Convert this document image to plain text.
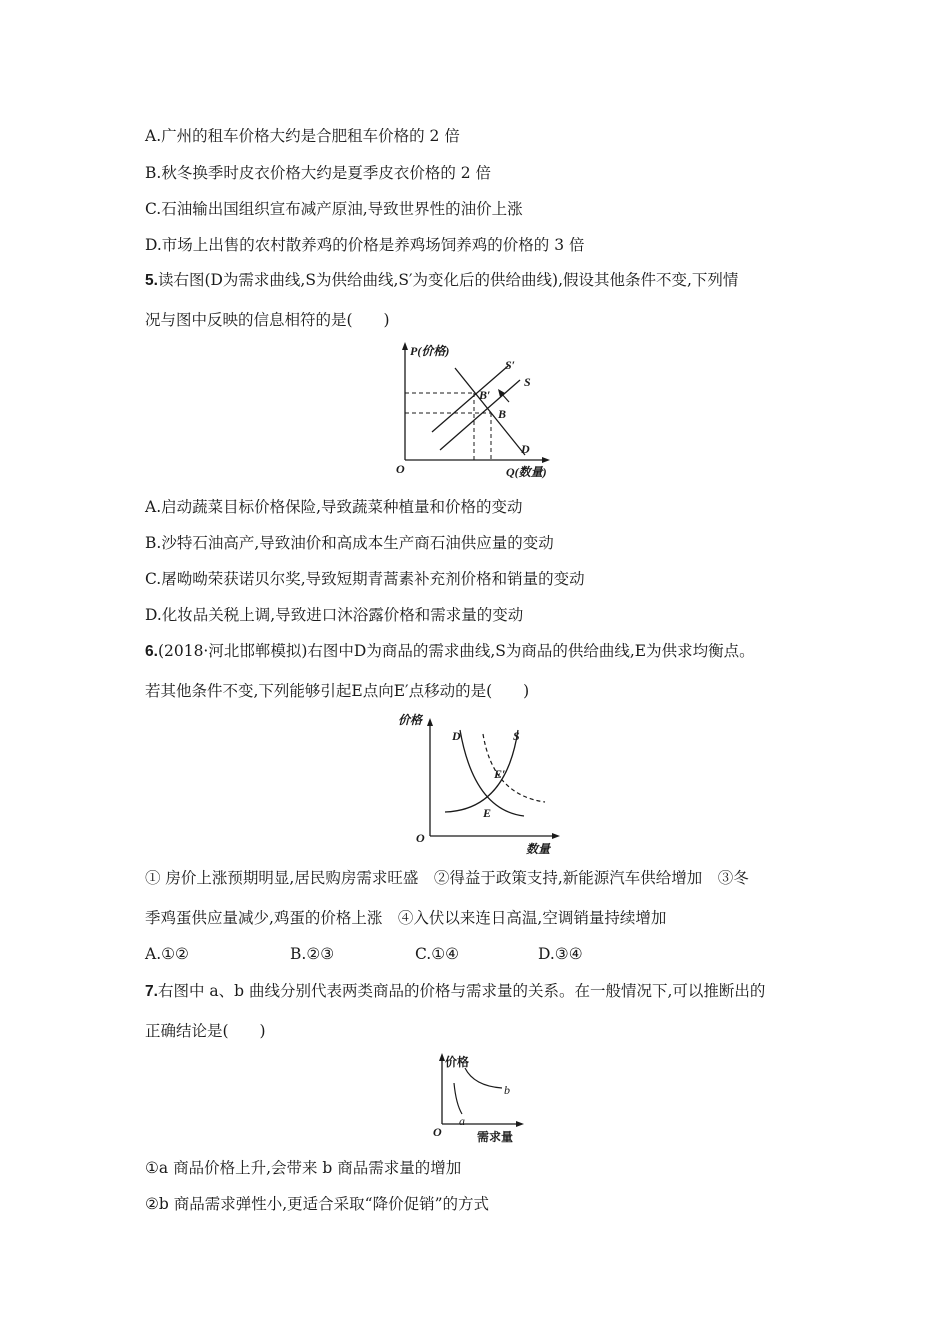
A.广州的租车价格大约是合肥租车价格的 2 倍
B.秋冬换季时皮衣价格大约是夏季皮衣价格的 2 倍
C.石油输出国组织宣布减产原油,导致世界性的油价上涨
D.市场上出售的农村散养鸡的价格是养鸡场饲养鸡的价格的 3 倍
5.读右图(D为需求曲线,S为供给曲线,S′为变化后的供给曲线),假设其他条件不变,下列情
况与图中反映的信息相符的是(　　)
P(价格)
Q(数量)
O
S′
S
D
B′
B
A.启动蔬菜目标价格保险,导致蔬菜种植量和价格的变动
B.沙特石油高产,导致油价和高成本生产商石油供应量的变动
C.屠呦呦荣获诺贝尔奖,导致短期青蒿素补充剂价格和销量的变动
D.化妆品关税上调,导致进口沐浴露价格和需求量的变动
6.(2018·河北邯郸模拟)右图中D为商品的需求曲线,S为商品的供给曲线,E为供求均衡点。
若其他条件不变,下列能够引起E点向E′点移动的是(　　)
价格
数量
O
D	S
E′
E
① 房价上涨预期明显,居民购房需求旺盛　②得益于政策支持,新能源汽车供给增加　③冬
季鸡蛋供应量减少,鸡蛋的价格上涨　④入伏以来连日高温,空调销量持续增加
A.①②	B.②③	C.①④	D.③④
7.右图中 a、b 曲线分别代表两类商品的价格与需求量的关系。在一般情况下,可以推断出的
正确结论是(　　)
价格
需求量
O
a
b
①a 商品价格上升,会带来 b 商品需求量的增加
②b 商品需求弹性小,更适合采取“降价促销”的方式
